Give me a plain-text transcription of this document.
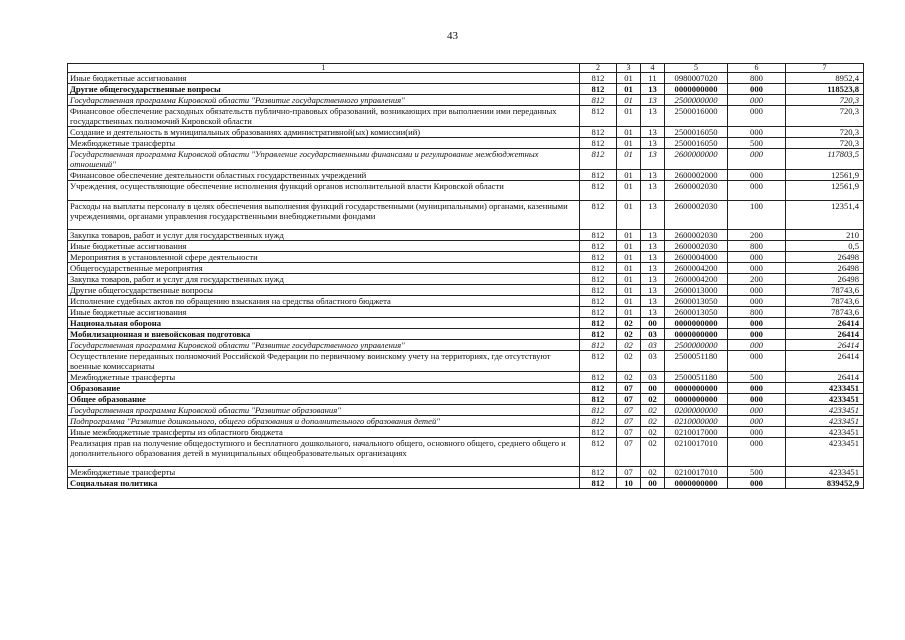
43
1	2	3	4	5	6	7
Иные бюджетные ассигнования	812	01	11	0980007020	800	8952,4
Другие общегосударственные вопросы	812	01	13	0000000000	000	118523,8
Государственная программа Кировской области "Развитие государственного управления"	812	01	13	2500000000	000	720,3
Финансовое обеспечение расходных обязательств публично-правовых образований, возникающих при выполнении ими переданных государственных полномочий Кировской области	812	01	13	2500016000	000	720,3
Создание и деятельность в муниципальных образованиях административной(ых) комиссии(ий)	812	01	13	2500016050	000	720,3
Межбюджетные трансферты	812	01	13	2500016050	500	720,3
Государственная программа Кировской области "Управление государственными финансами и регулирование межбюджетных отношений"	812	01	13	2600000000	000	117803,5
Финансовое обеспечение деятельности областных государственных учреждений	812	01	13	2600002000	000	12561,9
Учреждения, осуществляющие обеспечение исполнения функций органов исполнительной власти Кировской области	812	01	13	2600002030	000	12561,9
Расходы на выплаты персоналу в целях обеспечения выполнения функций государственными (муниципальными) органами, казенными учреждениями, органами управления государственными внебюджетными фондами	812	01	13	2600002030	100	12351,4
Закупка товаров, работ и услуг для государственных нужд	812	01	13	2600002030	200	210
Иные бюджетные ассигнования	812	01	13	2600002030	800	0,5
Мероприятия в установленной сфере деятельности	812	01	13	2600004000	000	26498
Общегосударственные мероприятия	812	01	13	2600004200	000	26498
Закупка товаров, работ и услуг для государственных нужд	812	01	13	2600004200	200	26498
Другие общегосударственные вопросы	812	01	13	2600013000	000	78743,6
Исполнение судебных актов по обращению взыскания на средства областного бюджета	812	01	13	2600013050	000	78743,6
Иные бюджетные ассигнования	812	01	13	2600013050	800	78743,6
Национальная оборона	812	02	00	0000000000	000	26414
Мобилизационная и вневойсковая подготовка	812	02	03	0000000000	000	26414
Государственная программа Кировской области "Развитие государственного управления"	812	02	03	2500000000	000	26414
Осуществление переданных полномочий Российской Федерации по первичному воинскому учету на территориях, где отсутствуют военные комиссариаты	812	02	03	2500051180	000	26414
Межбюджетные трансферты	812	02	03	2500051180	500	26414
Образование	812	07	00	0000000000	000	4233451
Общее образование	812	07	02	0000000000	000	4233451
Государственная программа Кировской области "Развитие образования"	812	07	02	0200000000	000	4233451
Подпрограмма "Развитие дошкольного, общего образования и дополнительного образования детей"	812	07	02	0210000000	000	4233451
Иные межбюджетные трансферты из областного бюджета	812	07	02	0210017000	000	4233451
Реализация прав на получение общедоступного и бесплатного дошкольного, начального общего, основного общего, среднего общего и дополнительного образования детей в муниципальных общеобразовательных организациях	812	07	02	0210017010	000	4233451
Межбюджетные трансферты	812	07	02	0210017010	500	4233451
Социальная политика	812	10	00	0000000000	000	839452,9
